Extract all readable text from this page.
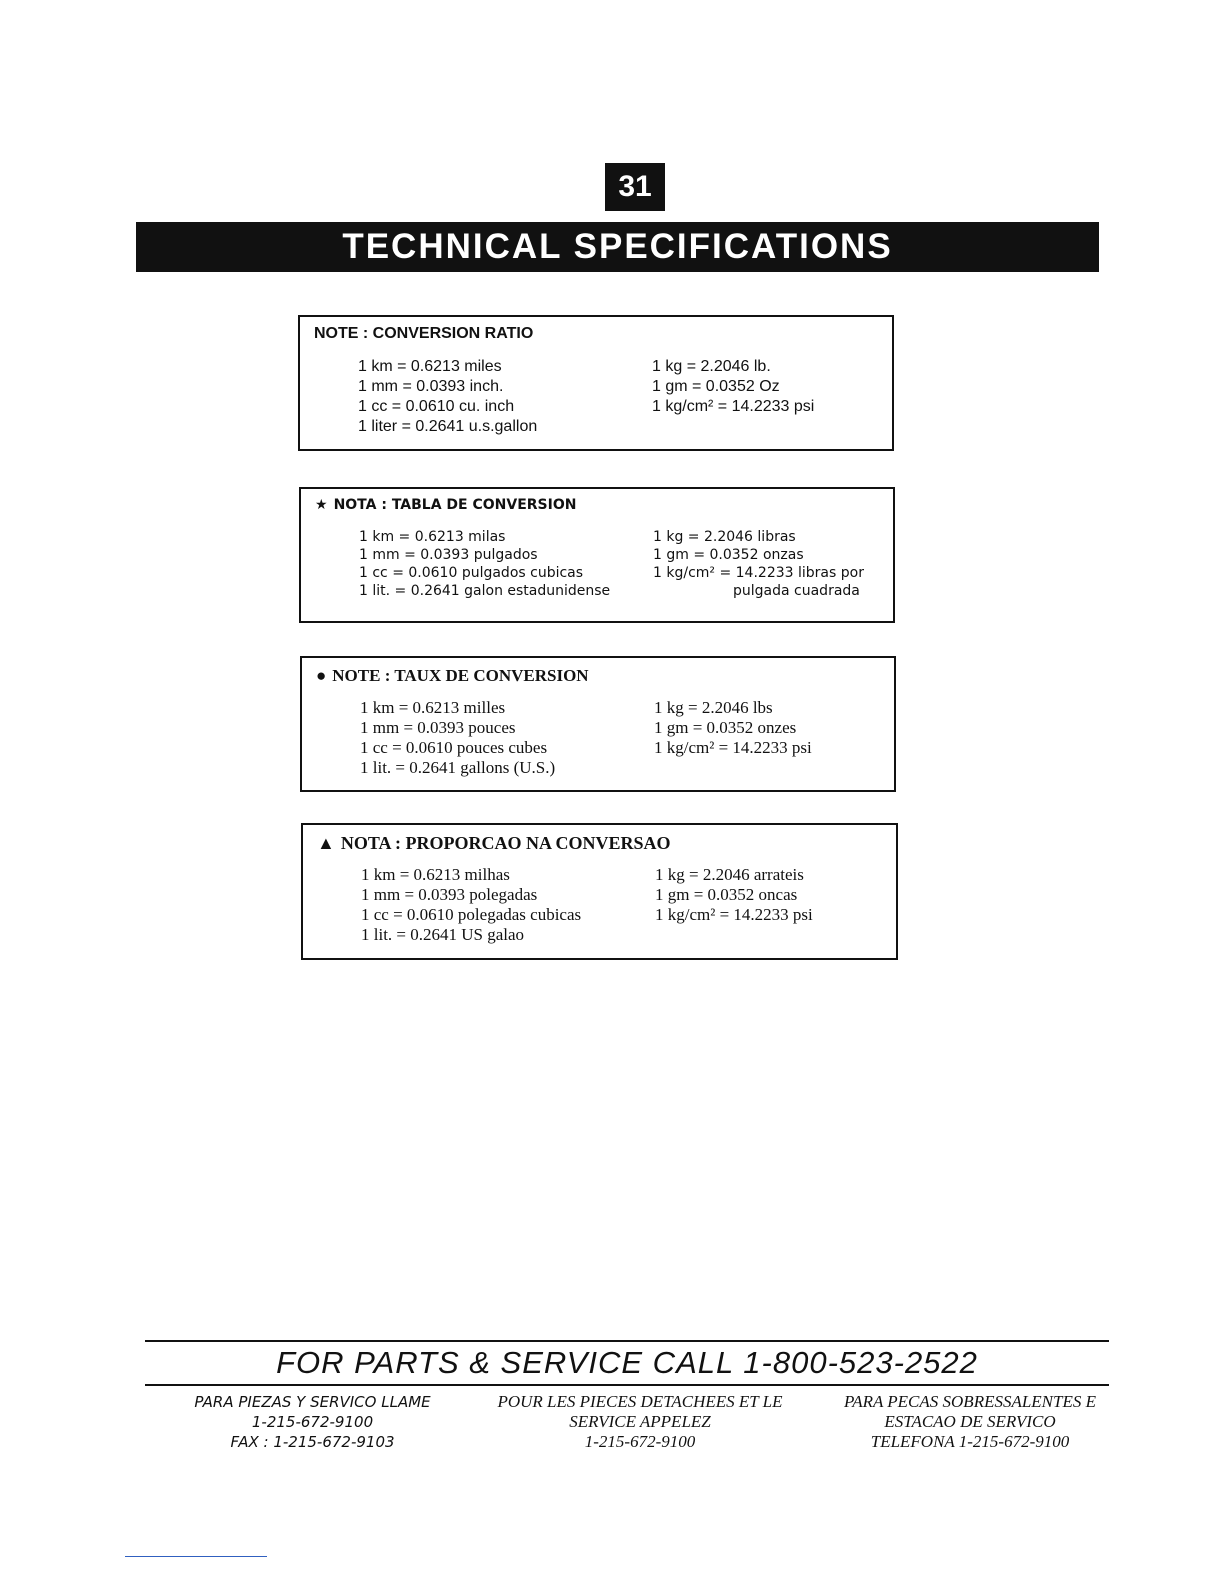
31
TECHNICAL SPECIFICATIONS
NOTE : CONVERSION RATIO
1 km = 0.6213 miles
1 mm = 0.0393 inch.
1 cc = 0.0610 cu. inch
1 liter = 0.2641 u.s.gallon
1 kg = 2.2046 lb.
1 gm = 0.0352 Oz
1 kg/cm² = 14.2233 psi
★ NOTA : TABLA DE CONVERSION
1 km = 0.6213 milas
1 mm = 0.0393 pulgados
1 cc = 0.0610 pulgados cubicas
1 lit. = 0.2641 galon estadunidense
1 kg = 2.2046 libras
1 gm = 0.0352 onzas
1 kg/cm² = 14.2233 libras por
pulgada cuadrada
● NOTE : TAUX DE CONVERSION
1 km = 0.6213 milles
1 mm = 0.0393 pouces
1 cc = 0.0610 pouces cubes
1 lit. = 0.2641 gallons (U.S.)
1 kg = 2.2046 lbs
1 gm = 0.0352 onzes
1 kg/cm² = 14.2233 psi
▲ NOTA : PROPORCAO NA CONVERSAO
1 km = 0.6213 milhas
1 mm = 0.0393 polegadas
1 cc = 0.0610 polegadas cubicas
1 lit. = 0.2641 US galao
1 kg = 2.2046 arrateis
1 gm = 0.0352 oncas
1 kg/cm² = 14.2233 psi
FOR PARTS & SERVICE CALL 1-800-523-2522
PARA PIEZAS Y SERVICO LLAME
1-215-672-9100
FAX : 1-215-672-9103
POUR LES PIECES DETACHEES ET LE
SERVICE APPELEZ
1-215-672-9100
PARA PECAS SOBRESSALENTES E
ESTACAO DE SERVICO
TELEFONA 1-215-672-9100
